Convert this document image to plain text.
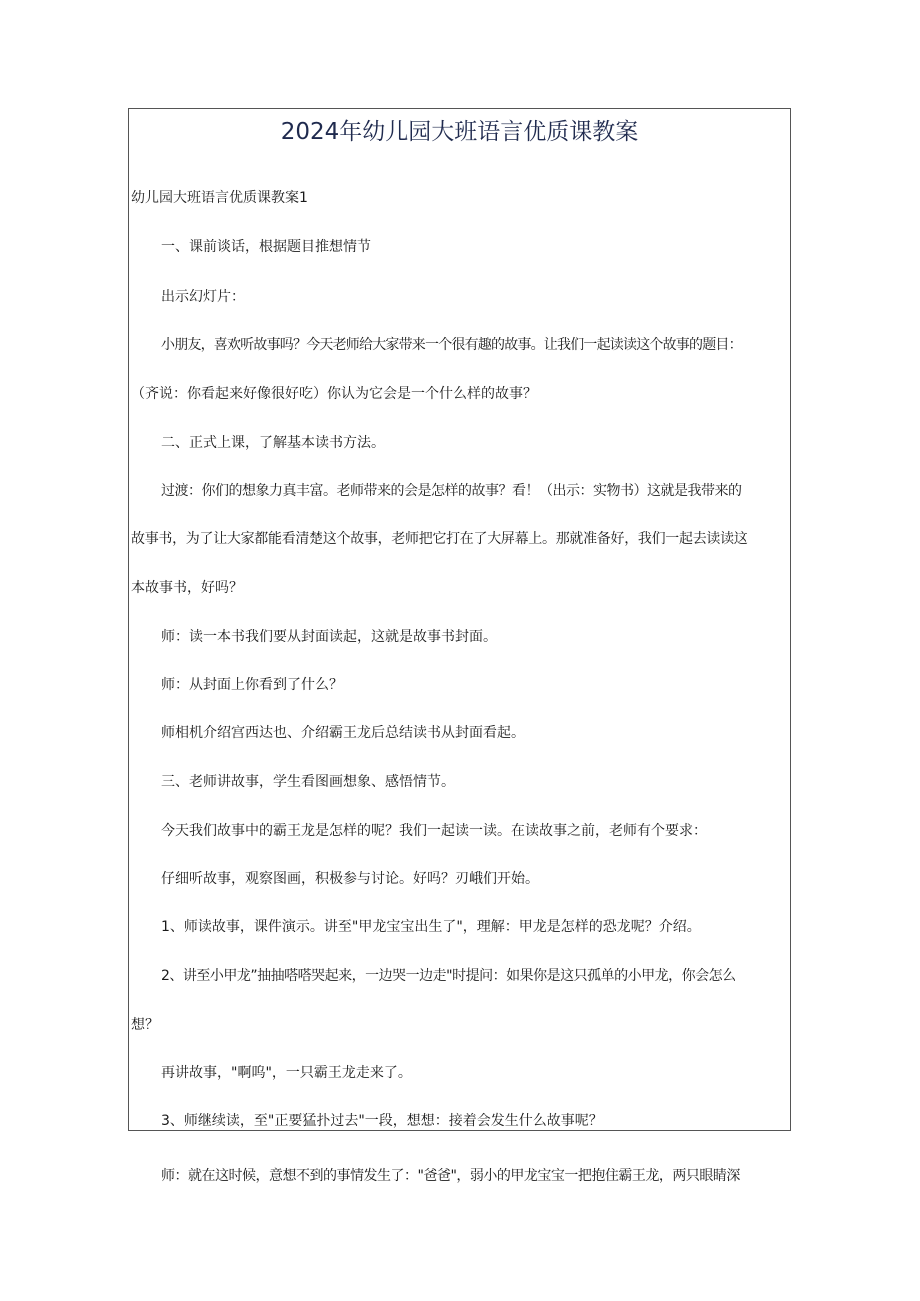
2024年幼儿园大班语言优质课教案

幼儿园大班语言优质课教案1

一、课前谈话，根据题目推想情节

出示幻灯片：

小朋友，喜欢听故事吗？今天老师给大家带来一个很有趣的故事。让我们一起读读这个故事的题目：

（齐说：你看起来好像很好吃）你认为它会是一个什么样的故事？

二、正式上课，了解基本读书方法。

过渡：你们的想象力真丰富。老师带来的会是怎样的故事？看！（出示：实物书）这就是我带来的

故事书，为了让大家都能看清楚这个故事，老师把它打在了大屏幕上。那就准备好，我们一起去读读这

本故事书，好吗？

师：读一本书我们要从封面读起，这就是故事书封面。

师：从封面上你看到了什么？

师相机介绍宫西达也、介绍霸王龙后总结读书从封面看起。

三、老师讲故事，学生看图画想象、感悟情节。

今天我们故事中的霸王龙是怎样的呢？我们一起读一读。在读故事之前，老师有个要求：

仔细听故事，观察图画，积极参与讨论。好吗？刃峨们开始。

1、师读故事，课件演示。讲至"甲龙宝宝出生了"，理解：甲龙是怎样的恐龙呢？介绍。

2、讲至小甲龙”抽抽嗒嗒哭起来，一边哭一边走"时提问：如果你是这只孤单的小甲龙，你会怎么

想？

再讲故事，"啊呜"，一只霸王龙走来了。

3、师继续读，至"正要猛扑过去"一段，想想：接着会发生什么故事呢？

师：就在这时候，意想不到的事情发生了："爸爸"，弱小的甲龙宝宝一把抱住霸王龙，两只眼睛深
